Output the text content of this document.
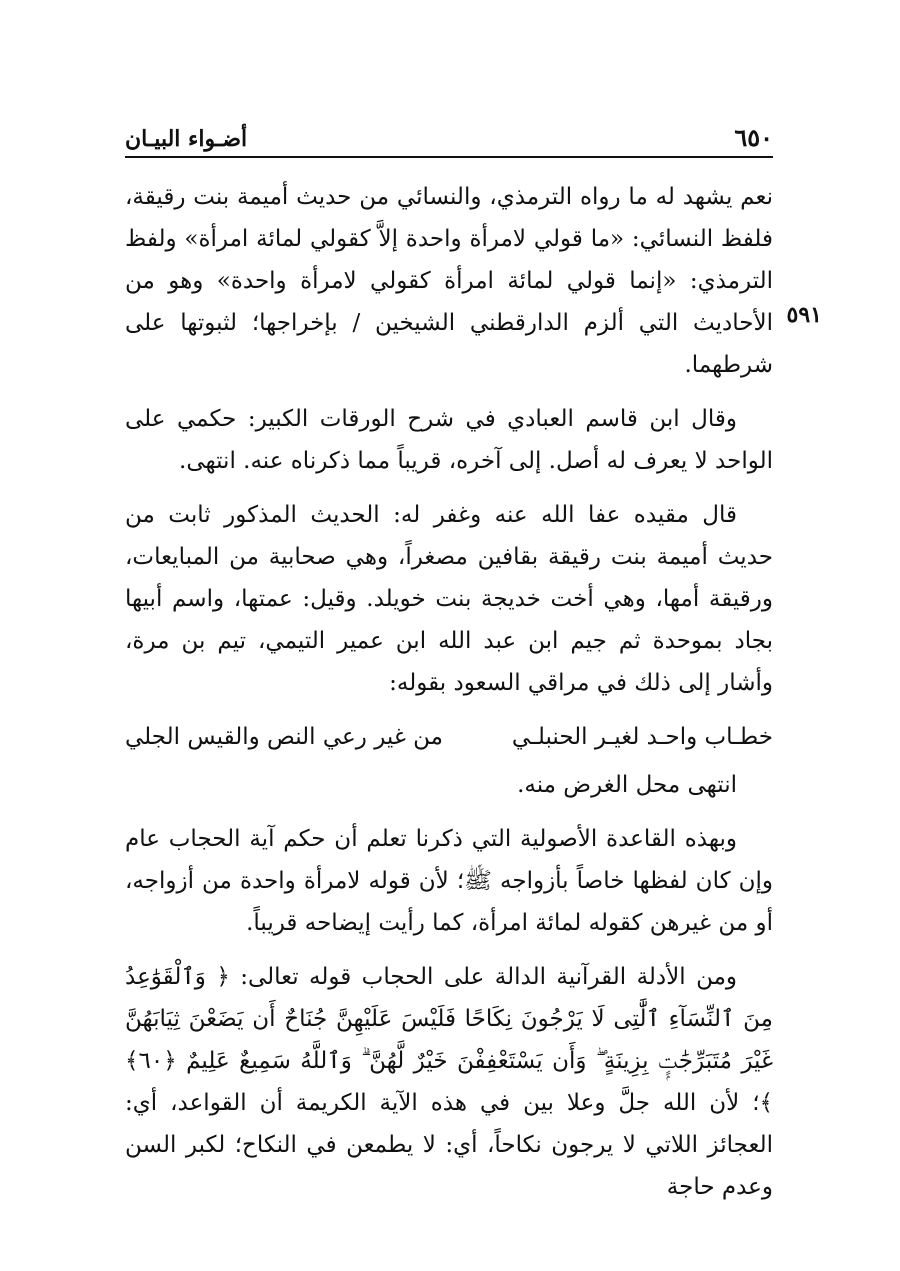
٦٥٠
أضـواء البيـان
٥٩١

نعم يشهد له ما رواه الترمذي، والنسائي من حديث أميمة بنت رقيقة، فلفظ النسائي: «ما قولي لامرأة واحدة إلاَّ كقولي لمائة امرأة» ولفظ الترمذي: «إنما قولي لمائة امرأة كقولي لامرأة واحدة» وهو من الأحاديث التي ألزم الدارقطني الشيخين / بإخراجها؛ لثبوتها على شرطهما.

وقال ابن قاسم العبادي في شرح الورقات الكبير: حكمي على الواحد لا يعرف له أصل. إلى آخره، قريباً مما ذكرناه عنه. انتهى.

قال مقيده عفا الله عنه وغفر له: الحديث المذكور ثابت من حديث أميمة بنت رقيقة بقافين مصغراً، وهي صحابية من المبايعات، ورقيقة أمها، وهي أخت خديجة بنت خويلد. وقيل: عمتها، واسم أبيها بجاد بموحدة ثم جيم ابن عبد الله ابن عمير التيمي، تيم بن مرة، وأشار إلى ذلك في مراقي السعود بقوله:

خطـاب واحـد لغيـر الحنبلـي
من غير رعي النص والقيس الجلي

انتهى محل الغرض منه.

وبهذه القاعدة الأصولية التي ذكرنا تعلم أن حكم آية الحجاب عام وإن كان لفظها خاصاً بأزواجه ﷺ؛ لأن قوله لامرأة واحدة من أزواجه، أو من غيرهن كقوله لمائة امرأة، كما رأيت إيضاحه قريباً.

ومن الأدلة القرآنية الدالة على الحجاب قوله تعالى: ﴿ وَٱلْقَوَٰعِدُ مِنَ ٱلنِّسَآءِ ٱلَّٰتِى لَا يَرْجُونَ نِكَاحًا فَلَيْسَ عَلَيْهِنَّ جُنَاحٌ أَن يَضَعْنَ ثِيَابَهُنَّ غَيْرَ مُتَبَرِّجَٰتٍۭ بِزِينَةٍ ۖ وَأَن يَسْتَعْفِفْنَ خَيْرٌ لَّهُنَّ ۗ وَٱللَّهُ سَمِيعٌ عَلِيمٌ ﴿٦٠﴾ ﴾؛ لأن الله جلَّ وعلا بين في هذه الآية الكريمة أن القواعد، أي: العجائز اللاتي لا يرجون نكاحاً، أي: لا يطمعن في النكاح؛ لكبر السن وعدم حاجة
